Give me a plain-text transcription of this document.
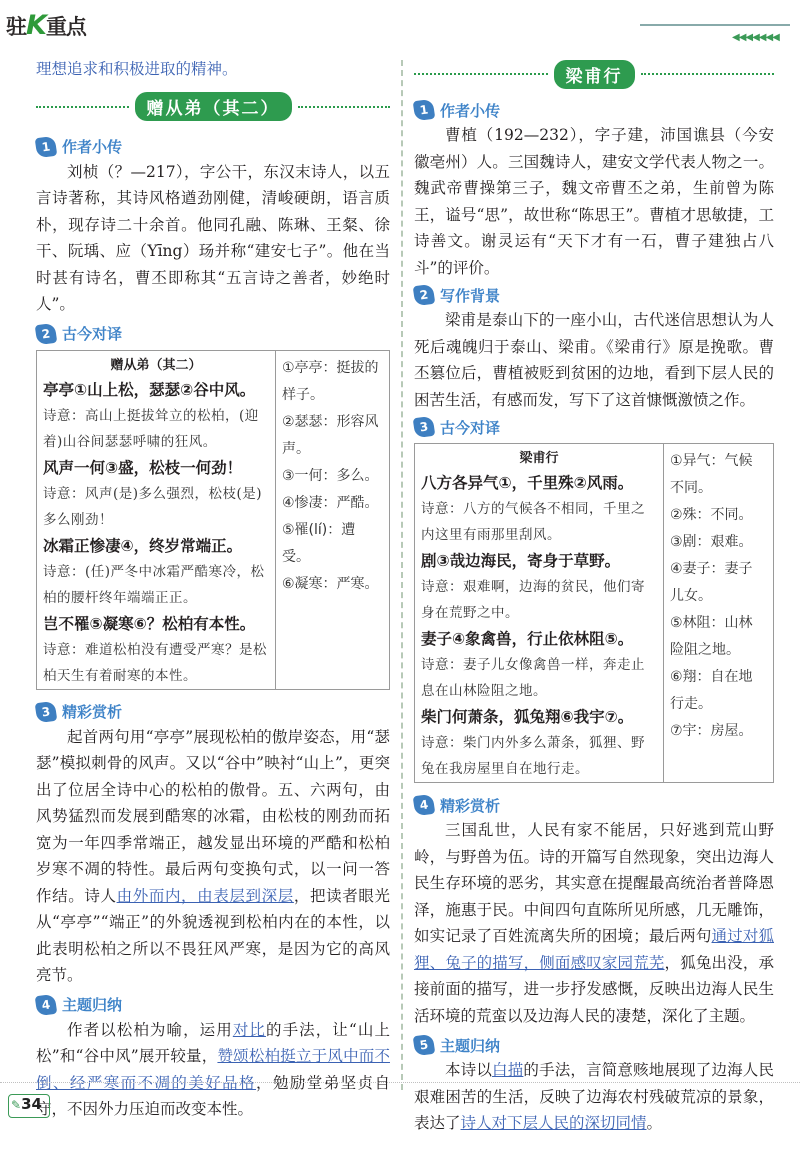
驻K重点	◀◀◀◀◀◀◀

理想追求和积极进取的精神。

赠从弟（其二）
1 作者小传

刘桢（？—217），字公干，东汉末诗人，以五言诗著称，其诗风格遒劲刚健，清峻硬朗，语言质朴，现存诗二十余首。他同孔融、陈琳、王粲、徐干、阮瑀、应（Yīng）玚并称“建安七子”。他在当时甚有诗名，曹丕即称其“五言诗之善者，妙绝时人”。

2 古今对译
赠从弟（其二）

亭亭①山上松，瑟瑟②谷中风。

诗意：高山上挺拔耸立的松柏，(迎着)山谷间瑟瑟呼啸的狂风。

风声一何③盛，松枝一何劲！

诗意：风声(是)多么强烈，松枝(是)多么刚劲！

冰霜正惨凄④，终岁常端正。

诗意：(任)严冬中冰霜严酷寒冷，松柏的腰杆终年端端正正。

岂不罹⑤凝寒⑥？松柏有本性。

诗意：难道松柏没有遭受严寒？是松柏天生有着耐寒的本性。

①亭亭：挺拔的样子。
②瑟瑟：形容风声。
③一何：多么。
④惨凄：严酷。
⑤罹(lí)：遭受。
⑥凝寒：严寒。
3 精彩赏析

起首两句用“亭亭”展现松柏的傲岸姿态，用“瑟瑟”模拟刺骨的风声。又以“谷中”映衬“山上”，更突出了位居全诗中心的松柏的傲骨。五、六两句，由风势猛烈而发展到酷寒的冰霜，由松枝的刚劲而拓宽为一年四季常端正，越发显出环境的严酷和松柏岁寒不凋的特性。最后两句变换句式，以一问一答作结。诗人由外而内，由表层到深层，把读者眼光从“亭亭”“端正”的外貌透视到松柏内在的本性，以此表明松柏之所以不畏狂风严寒，是因为它的高风亮节。

4 主题归纳

作者以松柏为喻，运用对比的手法，让“山上松”和“谷中风”展开较量，赞颂松柏挺立于风中而不倒、经严寒而不凋的美好品格，勉励堂弟坚贞自守，不因外力压迫而改变本性。

梁甫行
1 作者小传

曹植（192—232），字子建，沛国谯县（今安徽亳州）人。三国魏诗人，建安文学代表人物之一。魏武帝曹操第三子，魏文帝曹丕之弟，生前曾为陈王，谥号“思”，故世称“陈思王”。曹植才思敏捷，工诗善文。谢灵运有“天下才有一石，曹子建独占八斗”的评价。

2 写作背景

梁甫是泰山下的一座小山，古代迷信思想认为人死后魂魄归于泰山、梁甫。《梁甫行》原是挽歌。曹丕篡位后，曹植被贬到贫困的边地，看到下层人民的困苦生活，有感而发，写下了这首慷慨激愤之作。

3 古今对译
梁甫行

八方各异气①，千里殊②风雨。

诗意：八方的气候各不相同，千里之内这里有雨那里刮风。

剧③哉边海民，寄身于草野。

诗意：艰难啊，边海的贫民，他们寄身在荒野之中。

妻子④象禽兽，行止依林阻⑤。

诗意：妻子儿女像禽兽一样，奔走止息在山林险阻之地。

柴门何萧条，狐兔翔⑥我宇⑦。

诗意：柴门内外多么萧条，狐狸、野兔在我房屋里自在地行走。

①异气：气候不同。
②殊：不同。
③剧：艰难。
④妻子：妻子儿女。
⑤林阻：山林险阻之地。
⑥翔：自在地行走。
⑦宇：房屋。
4 精彩赏析

三国乱世，人民有家不能居，只好逃到荒山野岭，与野兽为伍。诗的开篇写自然现象，突出边海人民生存环境的恶劣，其实意在提醒最高统治者普降恩泽，施惠于民。中间四句直陈所见所感，几无雕饰，如实记录了百姓流离失所的困境；最后两句通过对狐狸、兔子的描写，侧面感叹家园荒芜，狐兔出没，承接前面的描写，进一步抒发感慨，反映出边海人民生活环境的荒蛮以及边海人民的凄楚，深化了主题。

5 主题归纳

本诗以白描的手法，言简意赅地展现了边海人民艰难困苦的生活，反映了边海农村残破荒凉的景象，表达了诗人对下层人民的深切同情。

✎34
